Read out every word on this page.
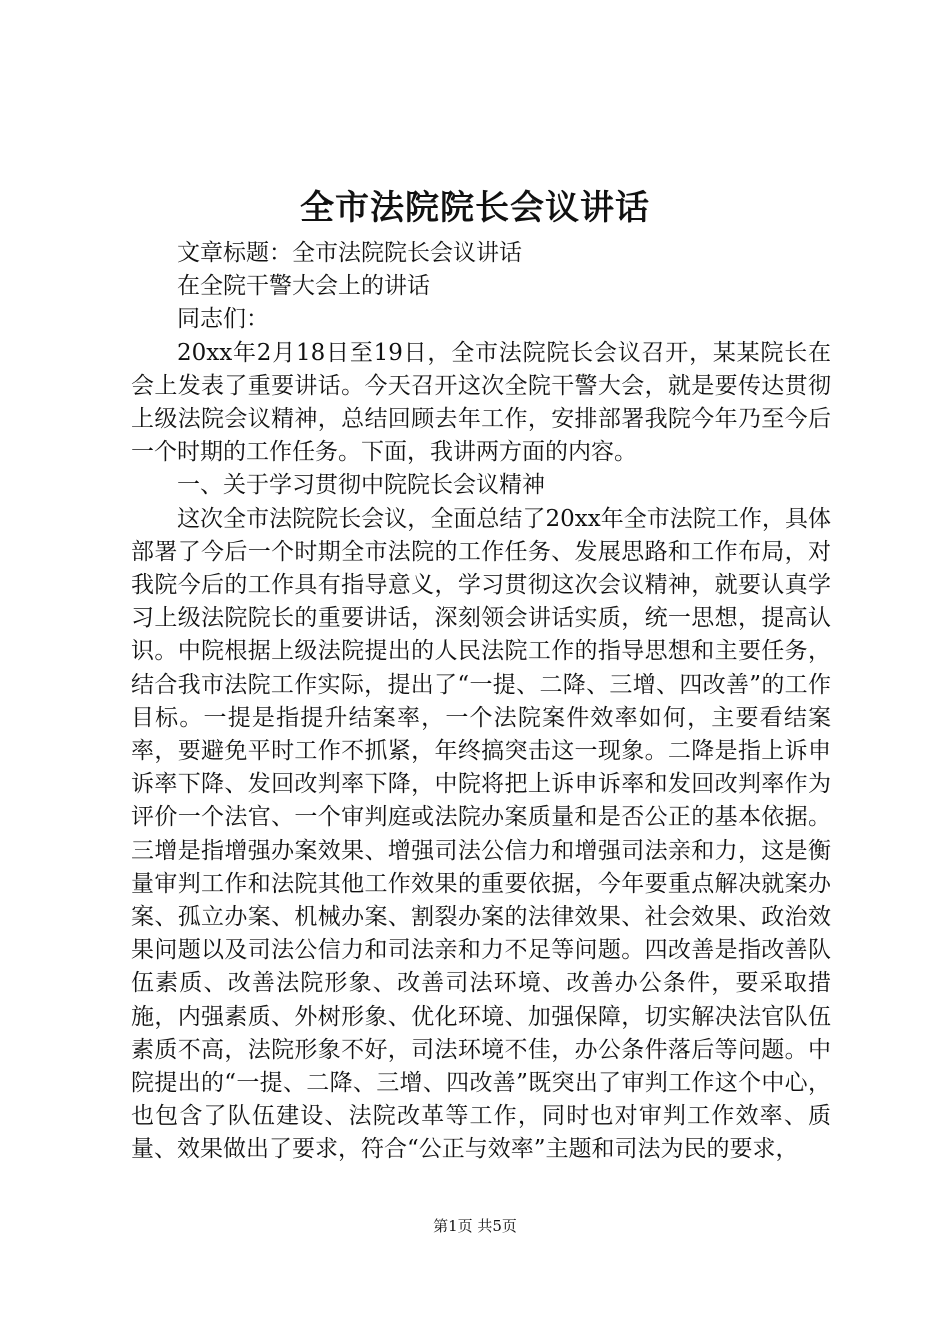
全市法院院长会议讲话

文章标题：全市法院院长会议讲话

在全院干警大会上的讲话

同志们：

20xx年2月18日至19日，全市法院院长会议召开，某某院长在会上发表了重要讲话。今天召开这次全院干警大会，就是要传达贯彻上级法院会议精神，总结回顾去年工作，安排部署我院今年乃至今后一个时期的工作任务。下面，我讲两方面的内容。

一、关于学习贯彻中院院长会议精神

这次全市法院院长会议，全面总结了20xx年全市法院工作，具体部署了今后一个时期全市法院的工作任务、发展思路和工作布局，对我院今后的工作具有指导意义，学习贯彻这次会议精神，就要认真学习上级法院院长的重要讲话，深刻领会讲话实质，统一思想，提高认识。中院根据上级法院提出的人民法院工作的指导思想和主要任务，结合我市法院工作实际，提出了“一提、二降、三增、四改善”的工作目标。一提是指提升结案率，一个法院案件效率如何，主要看结案率，要避免平时工作不抓紧，年终搞突击这一现象。二降是指上诉申诉率下降、发回改判率下降，中院将把上诉申诉率和发回改判率作为评价一个法官、一个审判庭或法院办案质量和是否公正的基本依据。三增是指增强办案效果、增强司法公信力和增强司法亲和力，这是衡量审判工作和法院其他工作效果的重要依据，今年要重点解决就案办案、孤立办案、机械办案、割裂办案的法律效果、社会效果、政治效果问题以及司法公信力和司法亲和力不足等问题。四改善是指改善队伍素质、改善法院形象、改善司法环境、改善办公条件，要采取措施，内强素质、外树形象、优化环境、加强保障，切实解决法官队伍素质不高，法院形象不好，司法环境不佳，办公条件落后等问题。中院提出的“一提、二降、三增、四改善”既突出了审判工作这个中心，也包含了队伍建设、法院改革等工作，同时也对审判工作效率、质量、效果做出了要求，符合“公正与效率”主题和司法为民的要求，

第1页 共5页
